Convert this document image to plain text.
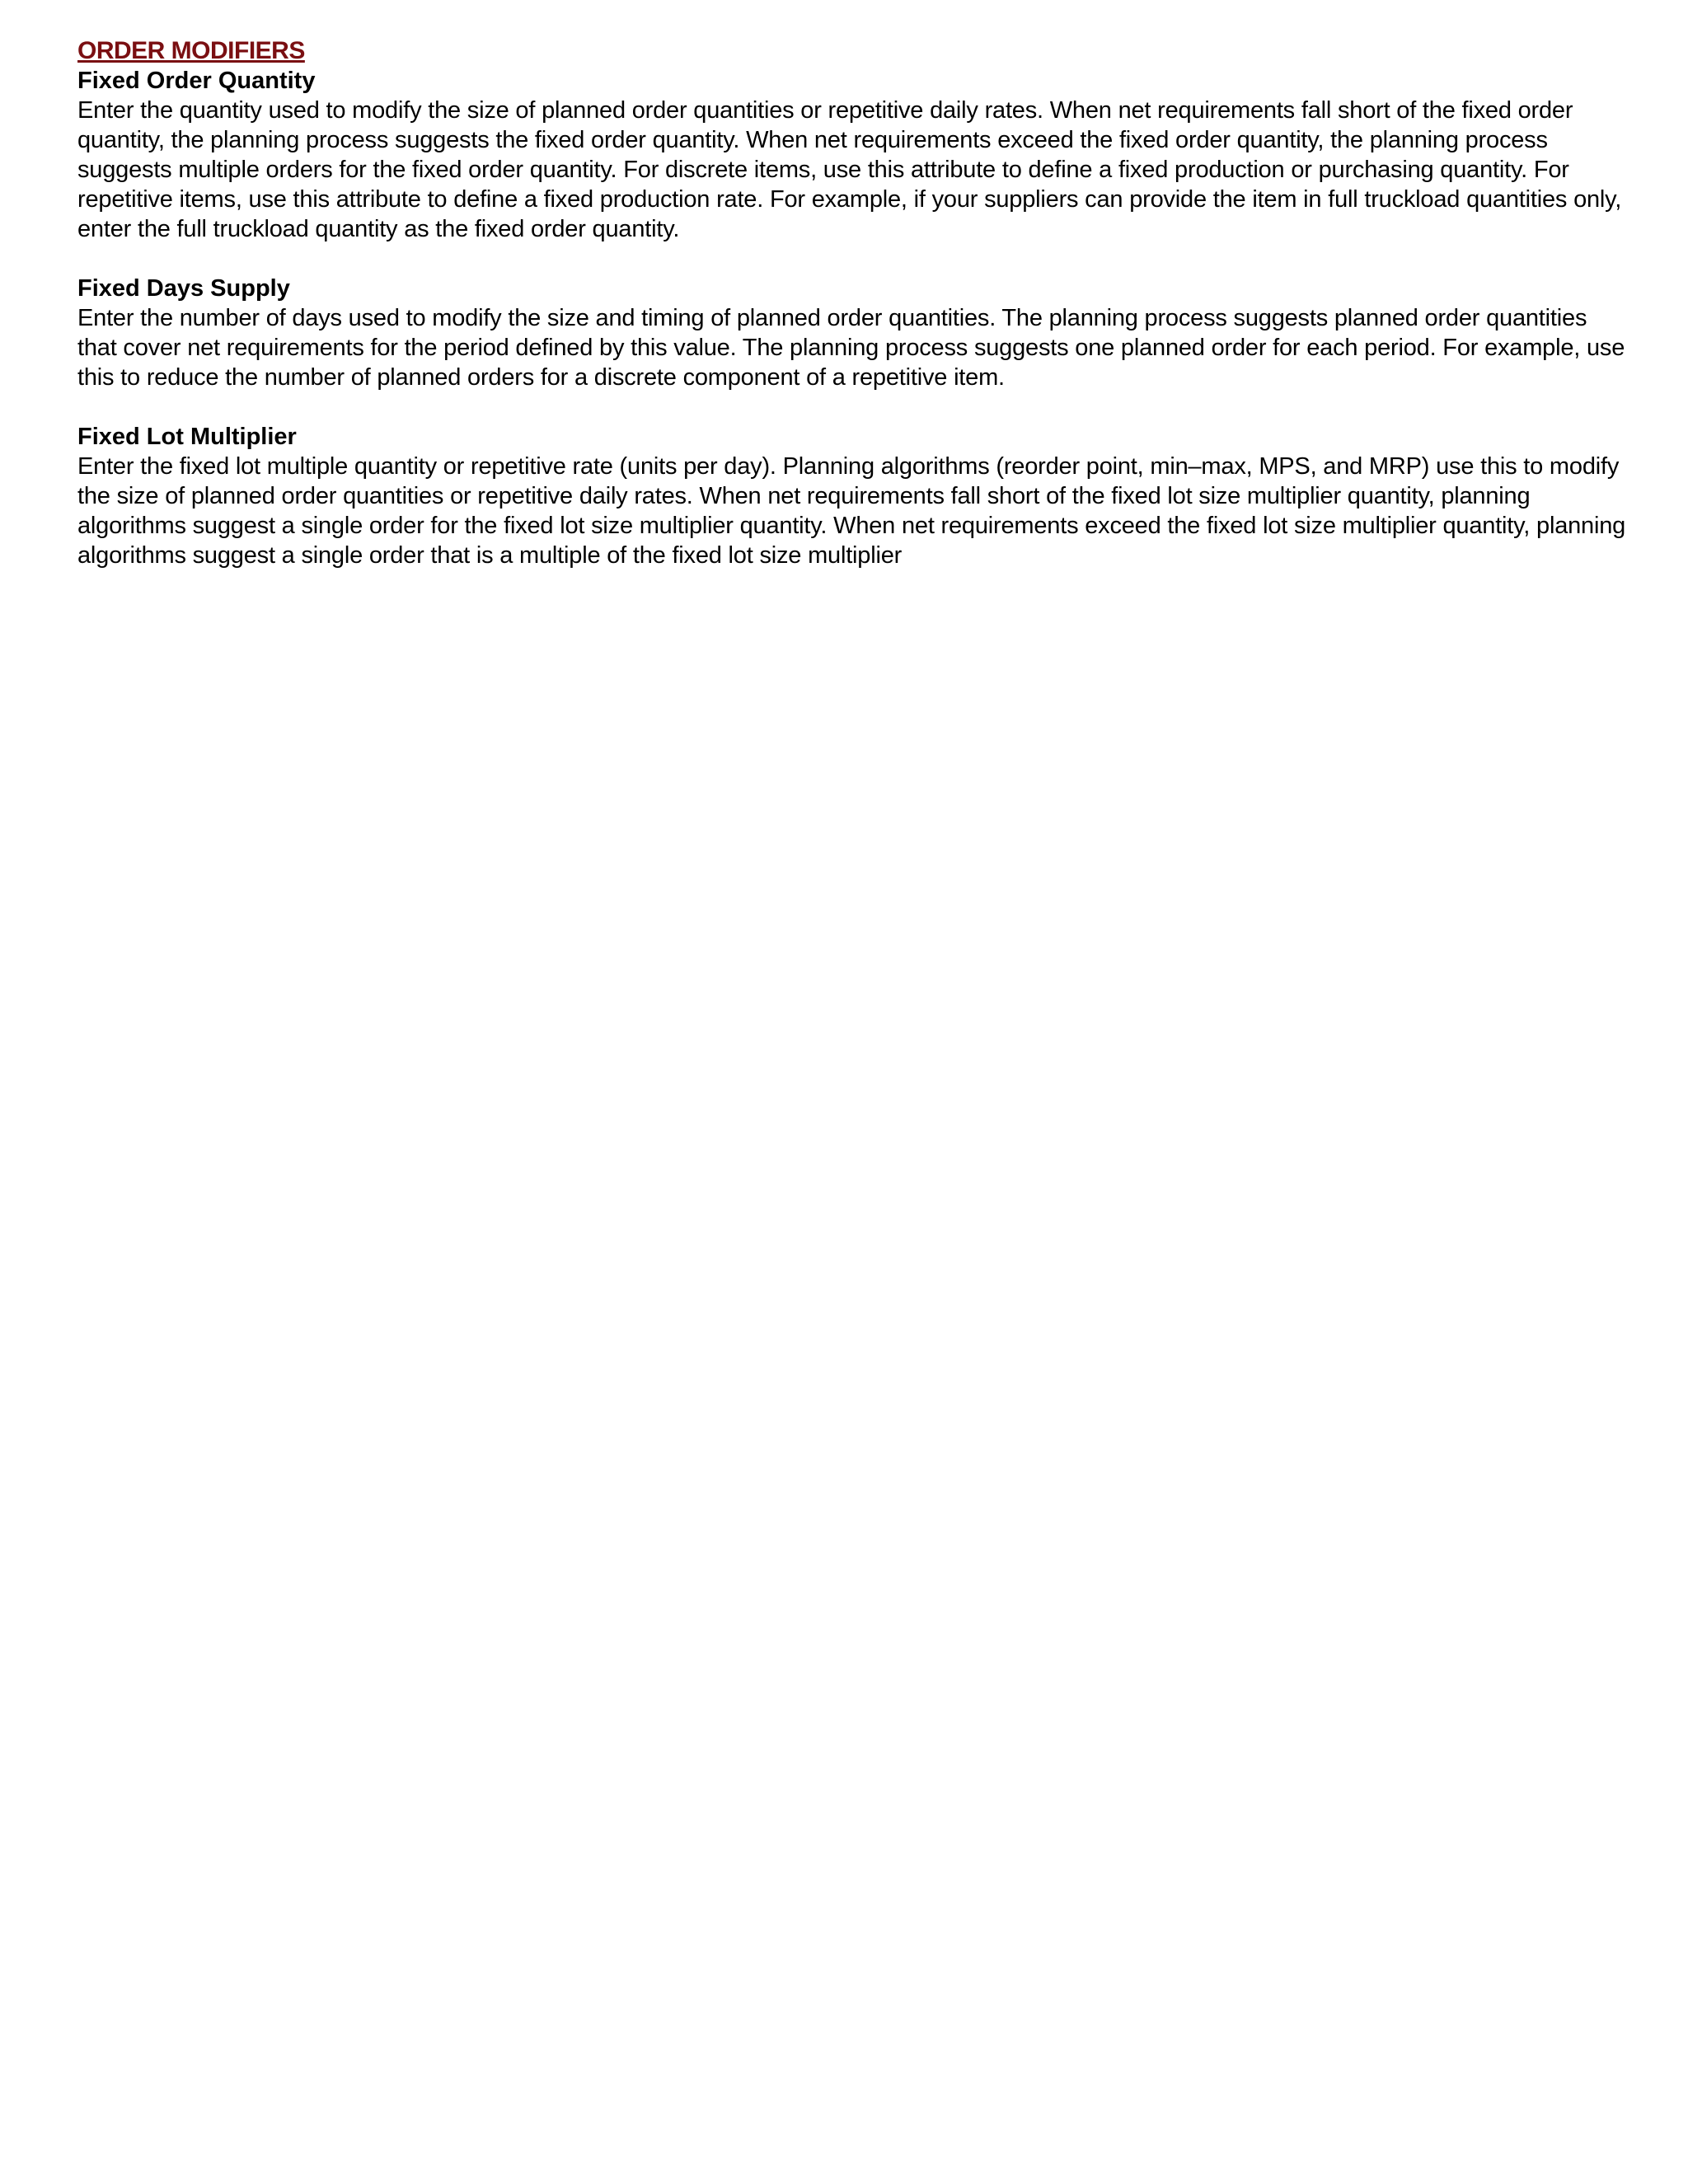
ORDER MODIFIERS

Fixed Order Quantity

Enter the quantity used to modify the size of planned order quantities or repetitive daily rates. When net requirements fall short of the fixed order quantity, the planning process suggests the fixed order quantity. When net requirements exceed the fixed order quantity, the planning process suggests multiple orders for the fixed order quantity. For discrete items, use this attribute to define a fixed production or purchasing quantity. For repetitive items, use this attribute to define a fixed production rate. For example, if your suppliers can provide the item in full truckload quantities only, enter the full truckload quantity as the fixed order quantity.

Fixed Days Supply

Enter the number of days used to modify the size and timing of planned order quantities. The planning process suggests planned order quantities that cover net requirements for the period defined by this value. The planning process suggests one planned order for each period. For example, use this to reduce the number of planned orders for a discrete component of a repetitive item.

Fixed Lot Multiplier

Enter the fixed lot multiple quantity or repetitive rate (units per day). Planning algorithms (reorder point, min–max, MPS, and MRP) use this to modify the size of planned order quantities or repetitive daily rates. When net requirements fall short of the fixed lot size multiplier quantity, planning algorithms suggest a single order for the fixed lot size multiplier quantity. When net requirements exceed the fixed lot size multiplier quantity, planning algorithms suggest a single order that is a multiple of the fixed lot size multiplier
